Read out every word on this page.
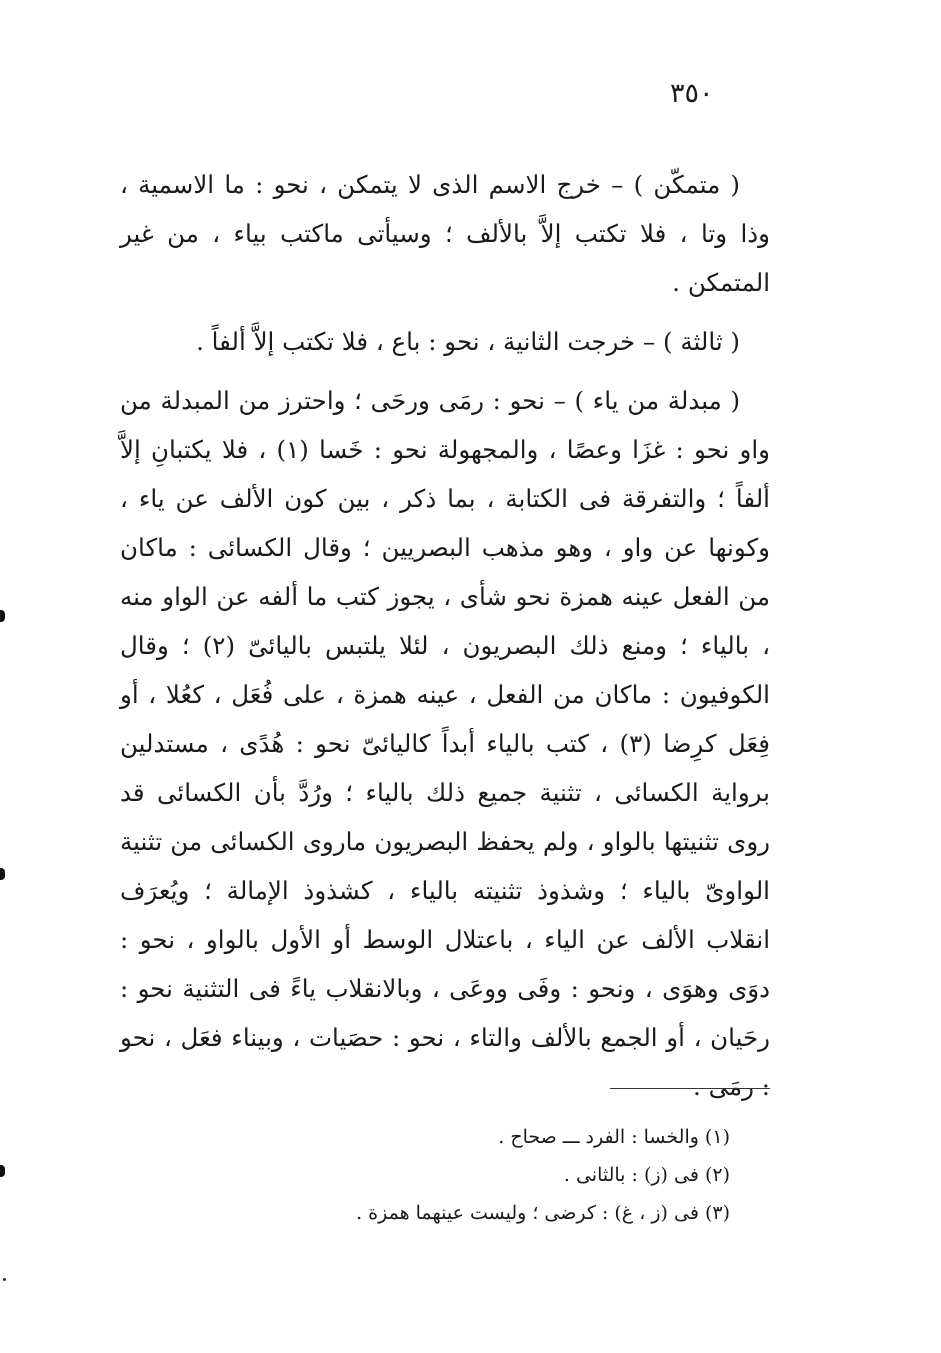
٣٥٠

( متمكّن ) – خرج الاسم الذى لا يتمكن ، نحو : ما الاسمية ، وذا وتا ، فلا تكتب إلاَّ بالألف ؛ وسيأتى ماكتب بياء ، من غير المتمكن .

( ثالثة ) – خرجت الثانية ، نحو : باع ، فلا تكتب إلاَّ ألفاً .

( مبدلة من ياء ) – نحو : رمَى ورحَى ؛ واحترز من المبدلة من واو نحو : غزَا وعصًا ، والمجهولة نحو : خَسا (١) ، فلا يكتبانِ إلاَّ ألفاً ؛ والتفرقة فى الكتابة ، بما ذكر ، بين كون الألف عن ياء ، وكونها عن واو ، وهو مذهب البصريين ؛ وقال الكسائى : ماكان من الفعل عينه همزة نحو شأى ، يجوز كتب ما ألفه عن الواو منه ، بالياء ؛ ومنع ذلك البصريون ، لئلا يلتبس باليائىّ (٢) ؛ وقال الكوفيون : ماكان من الفعل ، عينه همزة ، على فُعَل ، كعُلا ، أو فِعَل كرِضا (٣) ، كتب بالياء أبداً كاليائىّ نحو : هُدًى ، مستدلين برواية الكسائى ، تثنية جميع ذلك بالياء ؛ ورُدَّ بأن الكسائى قد روى تثنيتها بالواو ، ولم يحفظ البصريون ماروى الكسائى من تثنية الواوىّ بالياء ؛ وشذوذ تثنيته بالياء ، كشذوذ الإمالة ؛ ويُعرَف انقلاب الألف عن الياء ، باعتلال الوسط أو الأول بالواو ، نحو : دوَى وهوَى ، ونحو : وفَى ووعَى ، وبالانقلاب ياءً فى التثنية نحو : رحَيان ، أو الجمع بالألف والتاء ، نحو : حصَيات ، وبيناء فعَل ، نحو : رمَى .

(١) والخسا : الفرد ـــ صحاح .

(٢) فى (ز) : بالثانى .

(٣) فى (ز ، غ) : كرضى ؛ وليست عينهما همزة .
